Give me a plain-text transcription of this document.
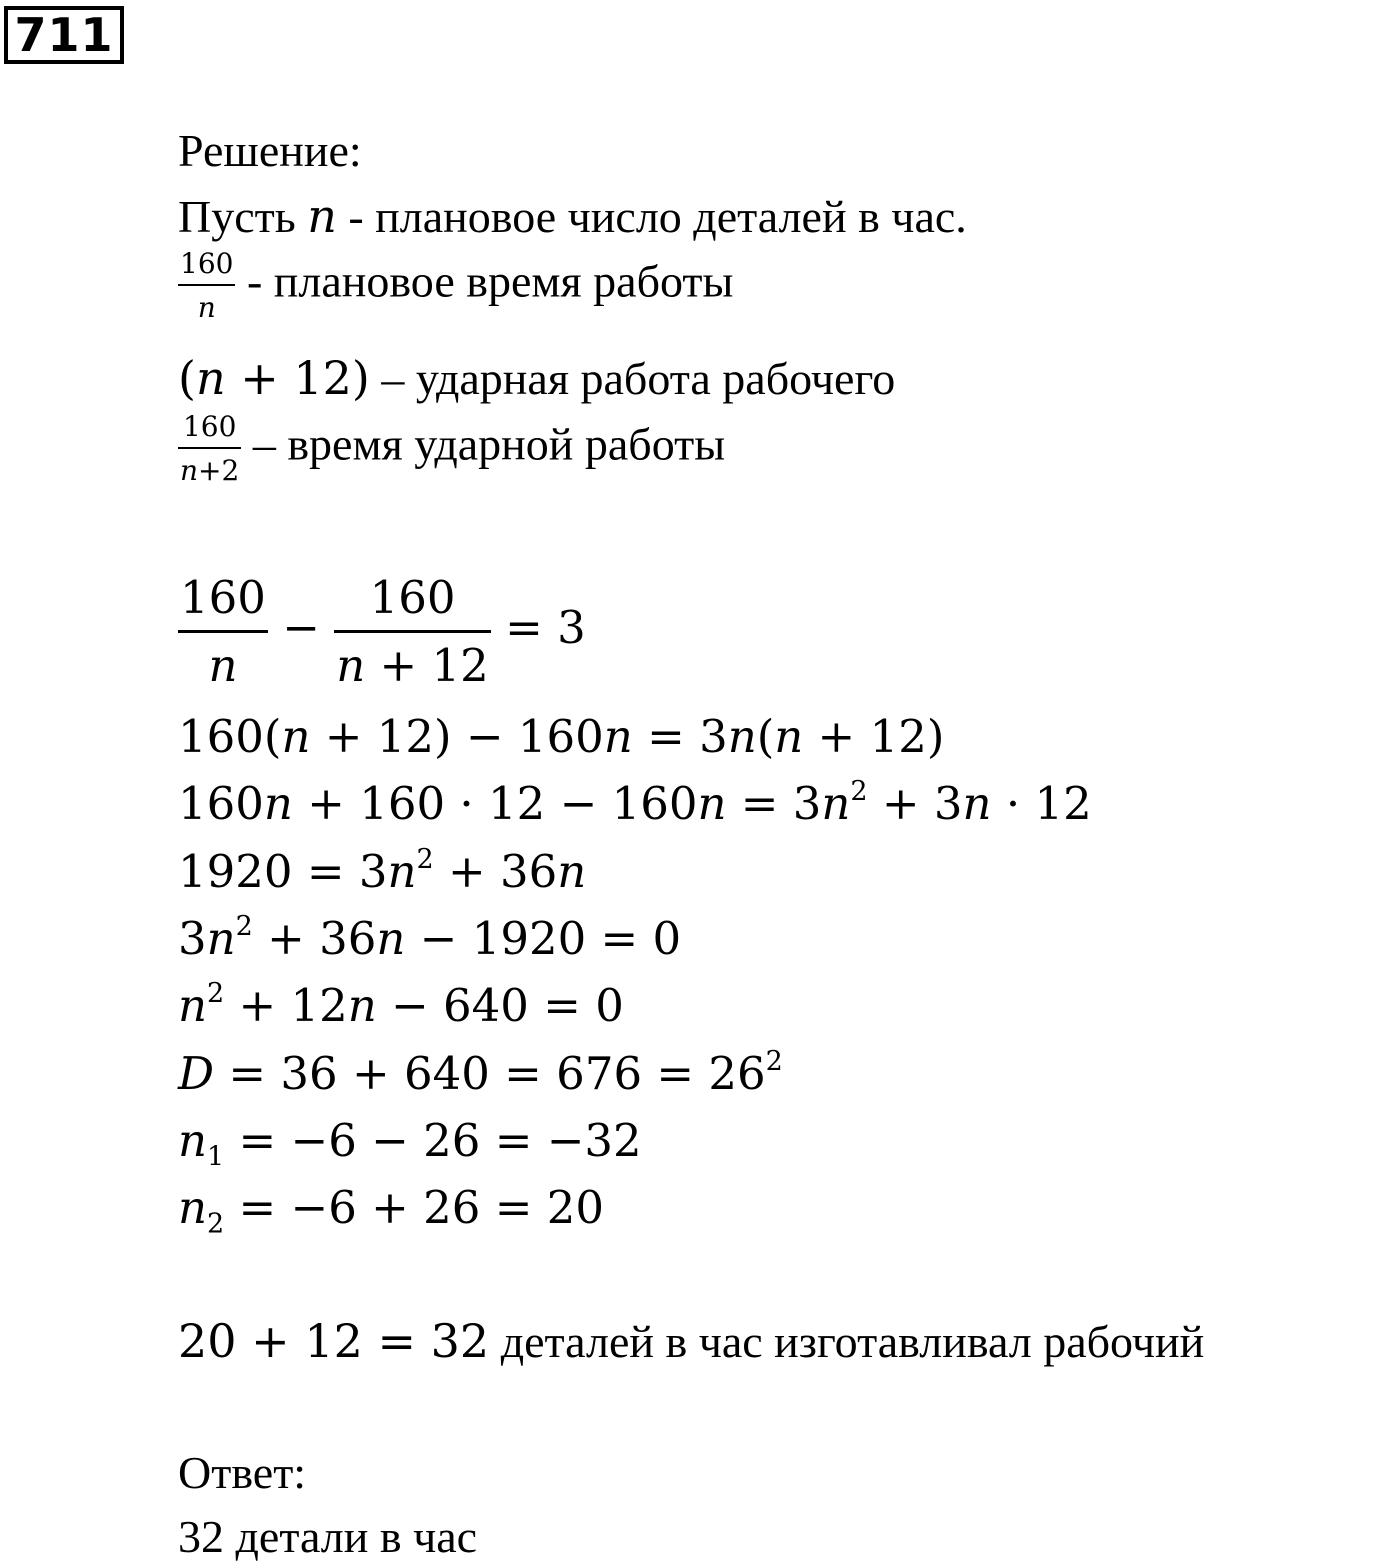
711
Решение:
Пусть n - плановое число деталей в час.
$\frac{160}{n}$ - плановое время работы
(n + 12) – ударная работа рабочего
$\frac{160}{n+2}$ – время ударной работы
$\frac{160}{n} - \frac{160}{n + 12} = 3$
160(n + 12) − 160n = 3n(n + 12)
$160n + 160 \cdot 12 - 160n = 3n^2 + 3n \cdot 12$
$1920 = 3n^2 + 36n$
$3n^2 + 36n - 1920 = 0$
$n^2 + 12n - 640 = 0$
$D = 36 + 640 = 676 = 26^2$
$n_1 = -6 - 26 = -32$
$n_2 = -6 + 26 = 20$
20 + 12 = 32 деталей в час изготавливал рабочий
Ответ:
32 детали в час
